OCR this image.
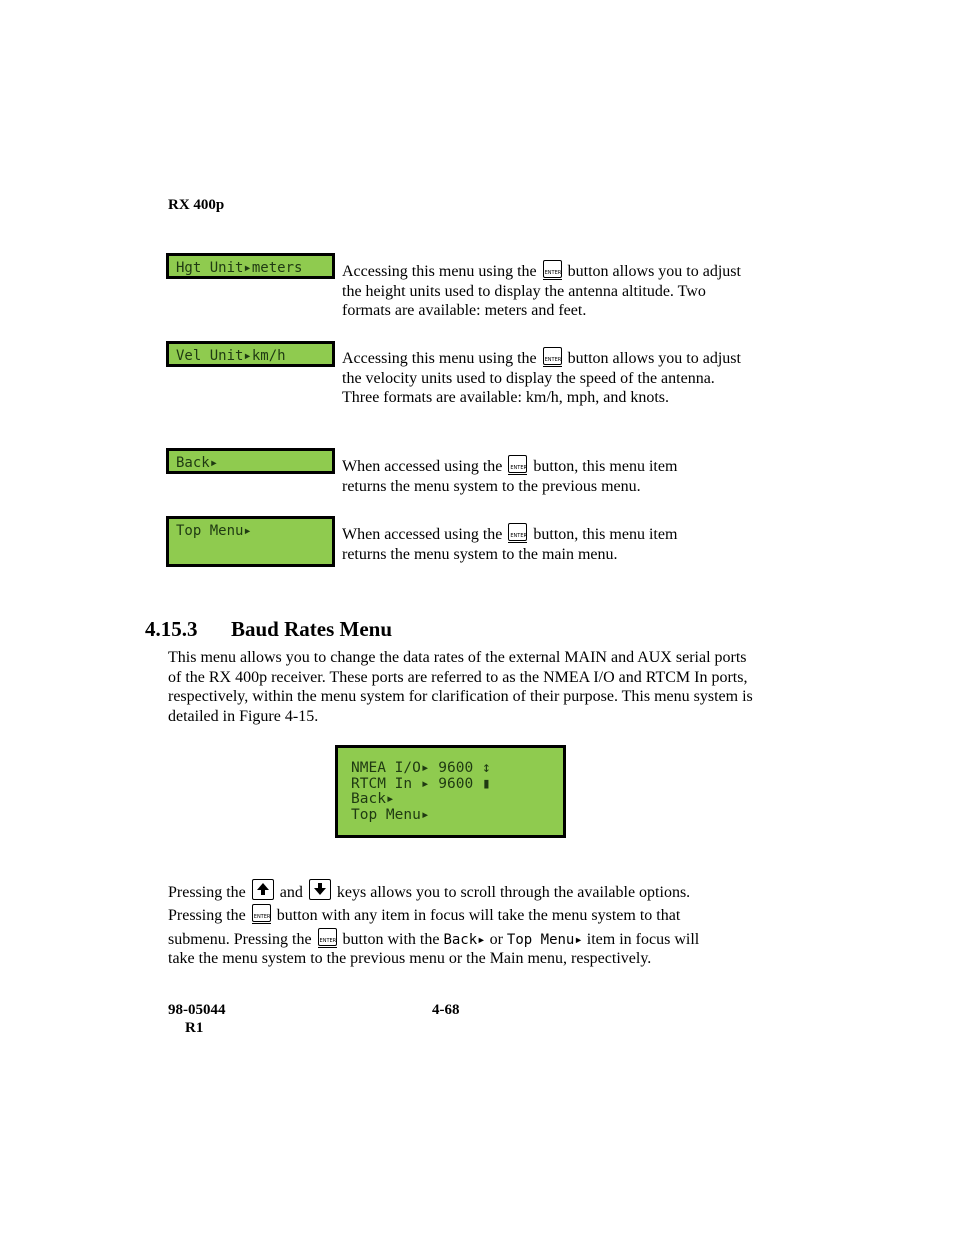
RX 400p
Hgt Unit▸meters	Accessing this menu using the ENTER button allows you to adjust the height units used to display the antenna altitude. Two formats are available: meters and feet.
Vel Unit▸km/h	Accessing this menu using the ENTER button allows you to adjust the velocity units used to display the speed of the antenna. Three formats are available: km/h, mph, and knots.
Back▸	When accessed using the ENTER button, this menu item returns the menu system to the previous menu.
Top Menu▸	When accessed using the ENTER button, this menu item returns the menu system to the main menu.
4.15.3 Baud Rates Menu
This menu allows you to change the data rates of the external MAIN and AUX serial ports of the RX 400p receiver. These ports are referred to as the NMEA I/O and RTCM In ports, respectively, within the menu system for clarification of their purpose. This menu system is detailed in Figure 4-15.
NMEA I/O▸ 9600 ↕
RTCM In ▸ 9600 ▮
Back▸
Top Menu▸
Pressing the and keys allows you to scroll through the available options.
Pressing the ENTER button with any item in focus will take the menu system to that
submenu. Pressing the ENTER button with the Back▸ or Top Menu▸ item in focus will
take the menu system to the previous menu or the Main menu, respectively.
98-05044
R1
4-68
